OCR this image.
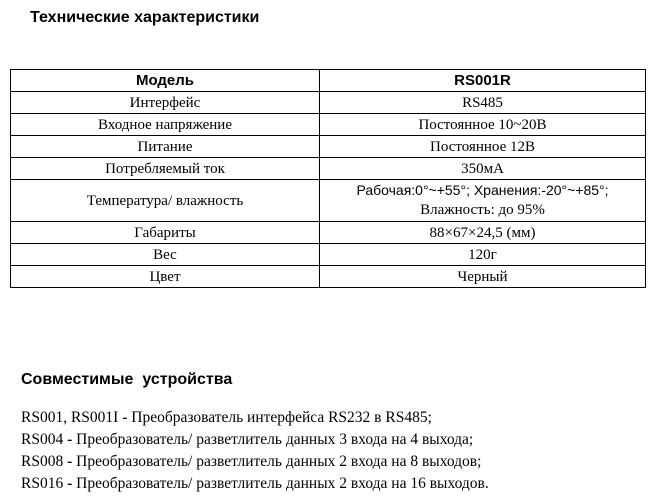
Технические характеристики
Модель	RS001R
Интерфейс	RS485
Входное напряжение	Постоянное 10~20В
Питание	Постоянное 12В
Потребляемый ток	350мА
Температура/ влажность	Рабочая:0°~+55°; Хранения:-20°~+85°;
Влажность: до 95%
Габариты	88×67×24,5 (мм)
Вес	120г
Цвет	Черный
Совместимые  устройства
RS001, RS001I - Преобразователь интерфейса RS232 в RS485;
RS004 - Преобразователь/ разветлитель данных 3 входа на 4 выхода;
RS008 - Преобразователь/ разветлитель данных 2 входа на 8 выходов;
RS016 - Преобразователь/ разветлитель данных 2 входа на 16 выходов.
